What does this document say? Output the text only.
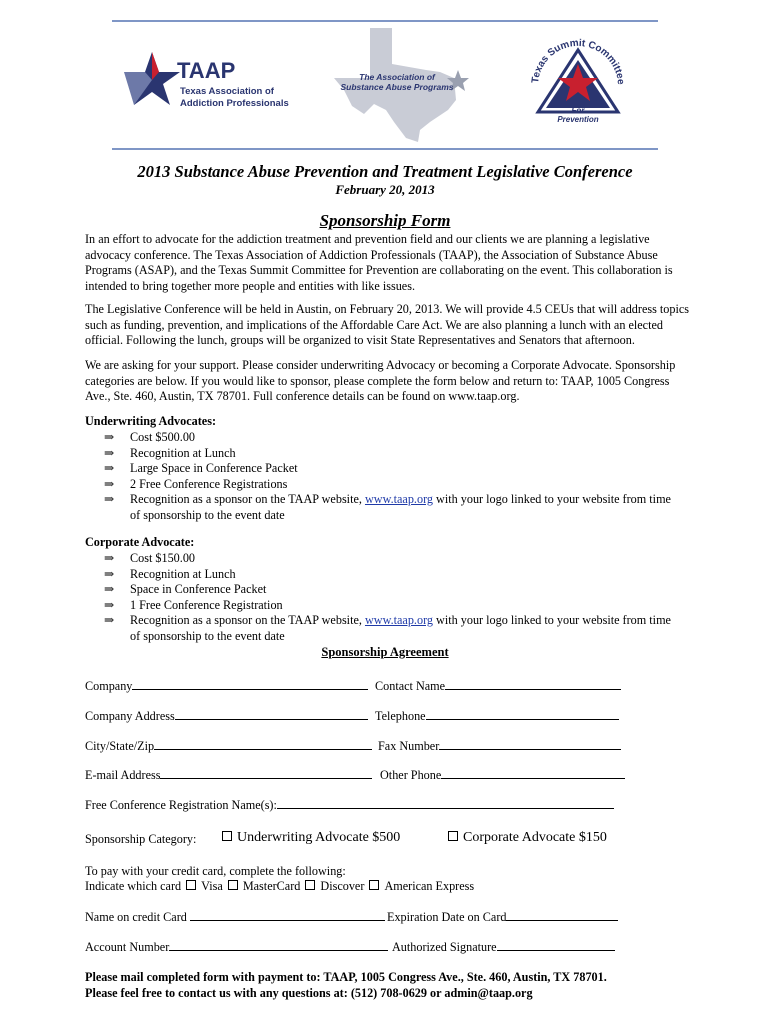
TAAP
Texas Association of
Addiction Professionals
The Association of
Substance Abuse Programs
Texas Summit Committee
For
Prevention
2013 Substance Abuse Prevention and Treatment Legislative Conference
February 20, 2013
Sponsorship Form

In an effort to advocate for the addiction treatment and prevention field and our clients we are planning a legislative advocacy conference. The Texas Association of Addiction Professionals (TAAP), the Association of Substance Abuse Programs (ASAP), and the Texas Summit Committee for Prevention are collaborating on the event. This collaboration is intended to bring together more people and entities with like issues.

The Legislative Conference will be held in Austin, on February 20, 2013. We will provide 4.5 CEUs that will address topics such as funding, prevention, and implications of the Affordable Care Act. We are also planning a lunch with an elected official. Following the lunch, groups will be organized to visit State Representatives and Senators that afternoon.

We are asking for your support. Please consider underwriting Advocacy or becoming a Corporate Advocate. Sponsorship categories are below. If you would like to sponsor, please complete the form below and return to: TAAP, 1005 Congress Ave., Ste. 460, Austin, TX 78701. Full conference details can be found on www.taap.org.

Underwriting Advocates:
⇒ Cost $500.00
⇒ Recognition at Lunch
⇒ Large Space in Conference Packet
⇒ 2 Free Conference Registrations
⇒ Recognition as a sponsor on the TAAP website, www.taap.org with your logo linked to your website from time
of sponsorship to the event date
Corporate Advocate:
⇒ Cost $150.00
⇒ Recognition at Lunch
⇒ Space in Conference Packet
⇒ 1 Free Conference Registration
⇒ Recognition as a sponsor on the TAAP website, www.taap.org with your logo linked to your website from time
of sponsorship to the event date
Sponsorship Agreement
Company	Contact Name
Company Address	Telephone
City/State/Zip	Fax Number
E-mail Address	Other Phone
Free Conference Registration Name(s):
Sponsorship Category:	Underwriting Advocate $500	Corporate Advocate $150
To pay with your credit card, complete the following:
Indicate which card Visa MasterCard Discover American Express
Name on credit Card	Expiration Date on Card
Account Number	Authorized Signature
Please mail completed form with payment to: TAAP, 1005 Congress Ave., Ste. 460, Austin, TX 78701.
Please feel free to contact us with any questions at: (512) 708-0629 or admin@taap.org
